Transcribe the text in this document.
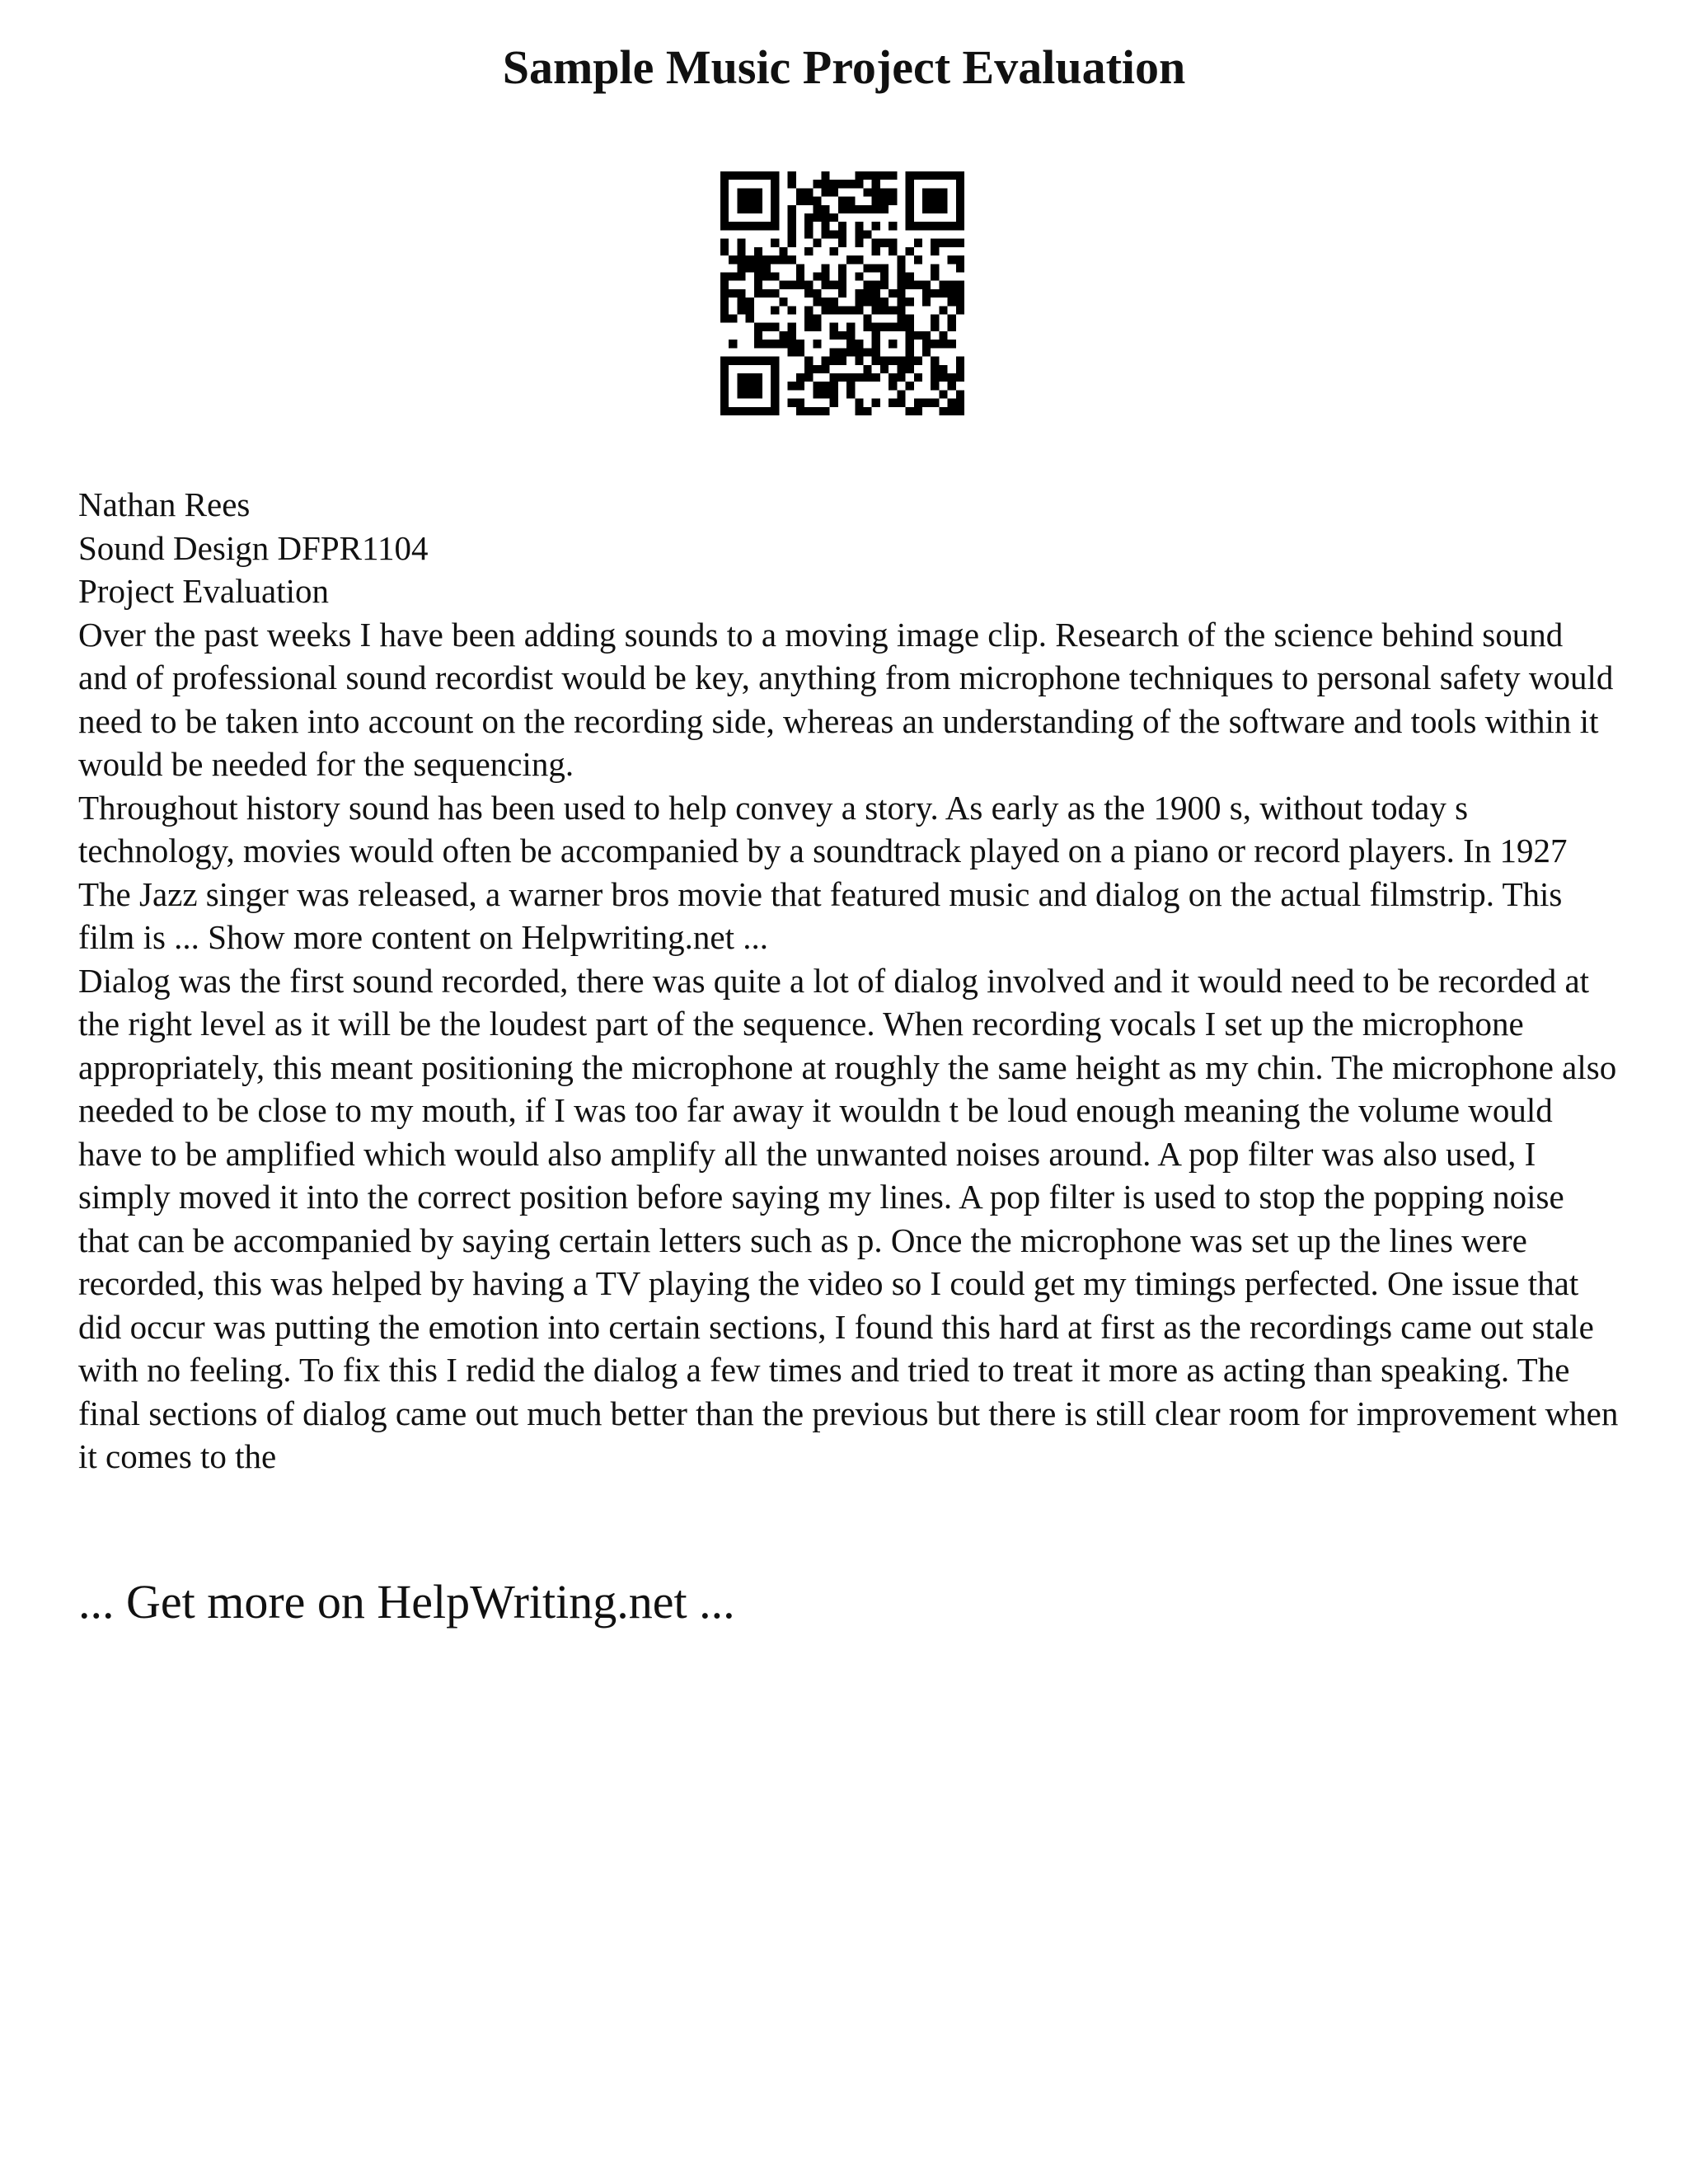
Sample Music Project Evaluation

Nathan Rees

Sound Design DFPR1104

Project Evaluation

Over the past weeks I have been adding sounds to a moving image clip. Research of the science behind sound and of professional sound recordist would be key, anything from microphone techniques to personal safety would need to be taken into account on the recording side, whereas an understanding of the software and tools within it would be needed for the sequencing.

Throughout history sound has been used to help convey a story. As early as the 1900 s, without today s technology, movies would often be accompanied by a soundtrack played on a piano or record players. In 1927 The Jazz singer was released, a warner bros movie that featured music and dialog on the actual filmstrip. This film is ... Show more content on Helpwriting.net ...

Dialog was the first sound recorded, there was quite a lot of dialog involved and it would need to be recorded at the right level as it will be the loudest part of the sequence. When recording vocals I set up the microphone appropriately, this meant positioning the microphone at roughly the same height as my chin. The microphone also needed to be close to my mouth, if I was too far away it wouldn t be loud enough meaning the volume would have to be amplified which would also amplify all the unwanted noises around. A pop filter was also used, I simply moved it into the correct position before saying my lines. A pop filter is used to stop the popping noise that can be accompanied by saying certain letters such as p. Once the microphone was set up the lines were recorded, this was helped by having a TV playing the video so I could get my timings perfected. One issue that did occur was putting the emotion into certain sections, I found this hard at first as the recordings came out stale with no feeling. To fix this I redid the dialog a few times and tried to treat it more as acting than speaking. The final sections of dialog came out much better than the previous but there is still clear room for improvement when it comes to the

... Get more on HelpWriting.net ...
